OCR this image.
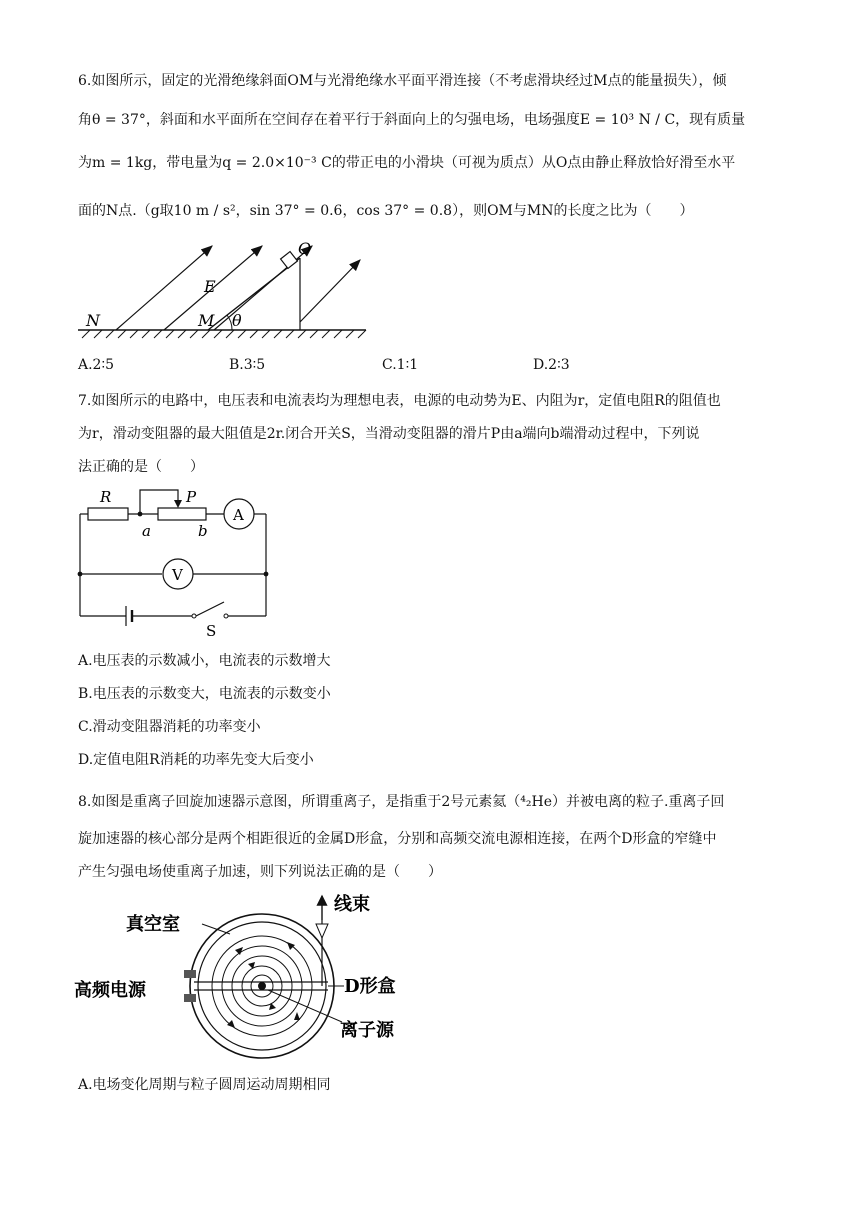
6.如图所示，固定的光滑绝缘斜面OM与光滑绝缘水平面平滑连接（不考虑滑块经过M点的能量损失），倾
角θ = 37°，斜面和水平面所在空间存在着平行于斜面向上的匀强电场，电场强度E = 10³ N / C，现有质量
为m = 1kg，带电量为q = 2.0×10⁻³ C的带正电的小滑块（可视为质点）从O点由静止释放恰好滑至水平
面的N点.（g取10 m / s²，sin 37° = 0.6，cos 37° = 0.8），则OM与MN的长度之比为（　　）
N	M
O
E
θ
A.2∶5	B.3∶5	C.1∶1	D.2∶3
7.如图所示的电路中，电压表和电流表均为理想电表，电源的电动势为E、内阻为r，定值电阻R的阻值也
为r，滑动变阻器的最大阻值是2r.闭合开关S，当滑动变阻器的滑片P由a端向b端滑动过程中，下列说
法正确的是（　　）
R	P
a	b
A
V
S
A.电压表的示数减小，电流表的示数增大
B.电压表的示数变大，电流表的示数变小
C.滑动变阻器消耗的功率变小
D.定值电阻R消耗的功率先变大后变小
8.如图是重离子回旋加速器示意图，所谓重离子，是指重于2号元素氦（⁴₂He）并被电离的粒子.重离子回
旋加速器的核心部分是两个相距很近的金属D形盒，分别和高频交流电源相连接，在两个D形盒的窄缝中
产生匀强电场使重离子加速，则下列说法正确的是（　　）
真空室
线束
高频电源	D形盒
离子源
A.电场变化周期与粒子圆周运动周期相同
